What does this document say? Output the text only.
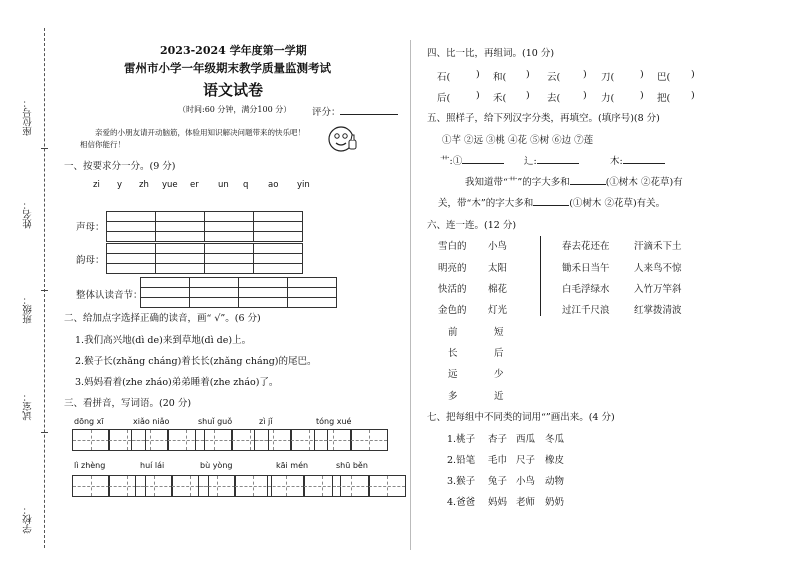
座位号：
姓名：
班级：
试室：
学校：
2023-2024 学年度第一学期
雷州市小学一年级期末教学质量监测考试
语文试卷
（时间:60 分钟，满分100 分） 评分：
亲爱的小朋友请开动脑筋，体验用知识解决问题带来的快乐吧！
相信你能行！
一、按要求分一分。(9 分)
zi y zh yue er un q ao yin
声母：

韵母：

整体认读音节：

二、给加点字选择正确的读音，画“ √”。(6 分)
1.我们高兴地(dì de)来到草地(dì de)上。
2.猴子长(zhǎng cháng)着长长(zhǎng cháng)的尾巴。
3.妈妈看着(zhe zháo)弟弟睡着(zhe zháo)了。
三、看拼音，写词语。(20 分)
dōng xī	xiǎo niǎo	shuǐ guǒ	zì jǐ	tóng xué
lì zhèng	huí lái	bù yòng	kāi mén	shū běn
四、比一比，再组词。(10 分)
石(	) 和( ) 云( ) 刀(	) 巴( )
后(	) 禾( ) 去( ) 力(	) 把( )
五、照样子，给下列汉字分类，再填空。(填序号)(8 分)
①芊 ②远 ③桃 ④花 ⑤树 ⑥边 ⑦莲
艹:①	辶:	木:
我知道带“艹”的字大多和	(①树木 ②花草)有
关，带“木”的字大多和	(①树木 ②花草)有关。
六、连一连。(12 分)
雪白的
明亮的
快活的
金色的
小鸟
太阳
棉花
灯光
春去花还在
锄禾日当午
白毛浮绿水
过江千尺浪
汗滴禾下土
人来鸟不惊
入竹万竿斜
红掌拨清波
前
长
远
多
短
后
少
近
七、把每组中不同类的词用“”画出来。(4 分)
1.桃子 杏子 西瓜 冬瓜
2.铅笔 毛巾 尺子 橡皮
3.猴子 兔子 小鸟 动物
4.爸爸 妈妈 老师 奶奶
